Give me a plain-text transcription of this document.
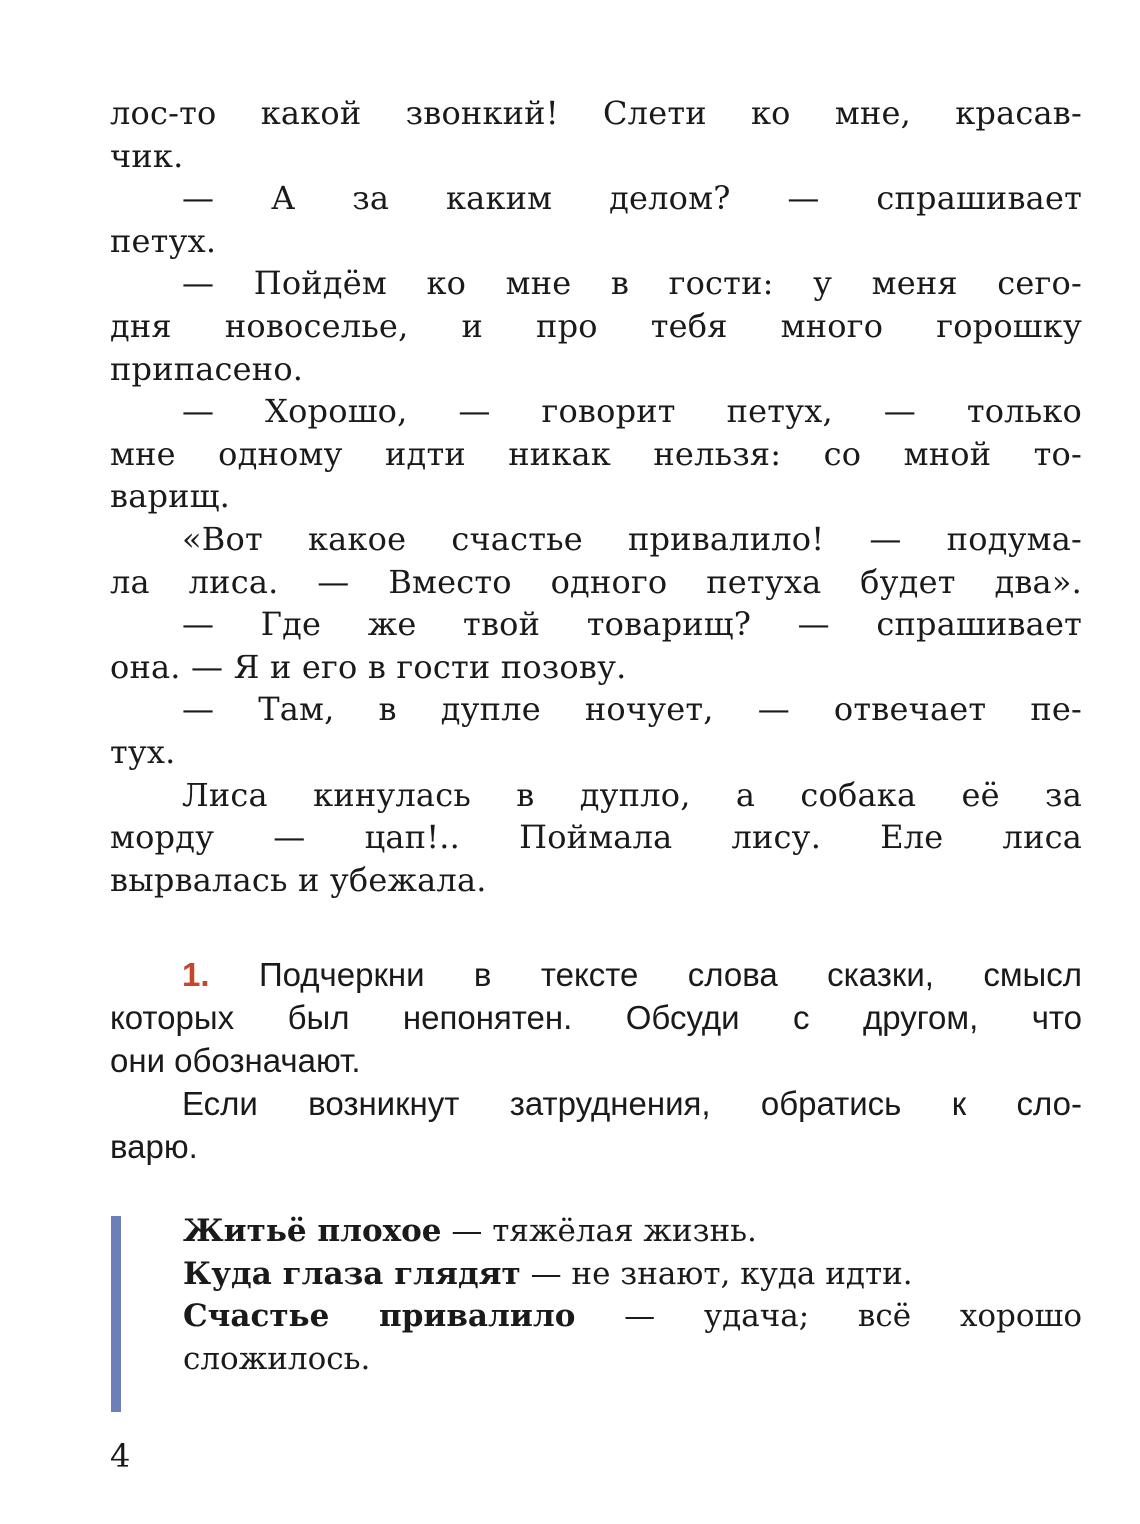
лос-то какой звонкий! Слети ко мне, красав-
чик.
— А за каким делом? — спрашивает
петух.
— Пойдём ко мне в гости: у меня сего-
дня новоселье, и про тебя много горошку
припасено.
— Хорошо, — говорит петух, — только
мне одному идти никак нельзя: со мной то-
варищ.
«Вот какое счастье привалило! — подума-
ла лиса. — Вместо одного петуха будет два».
— Где же твой товарищ? — спрашивает
она. — Я и его в гости позову.
— Там, в дупле ночует, — отвечает пе-
тух.
Лиса кинулась в дупло, а собака её за
морду — цап!.. Поймала лису. Еле лиса
вырвалась и убежала.
1. Подчеркни в тексте слова сказки, смысл
которых был непонятен. Обсуди с другом, что
они обозначают.
Если возникнут затруднения, обратись к сло-
варю.

Житьё плохое — тяжёлая жизнь.

Куда глаза глядят — не знают, куда идти.

Счастье привалило — удача; всё хорошо сложилось.

4
